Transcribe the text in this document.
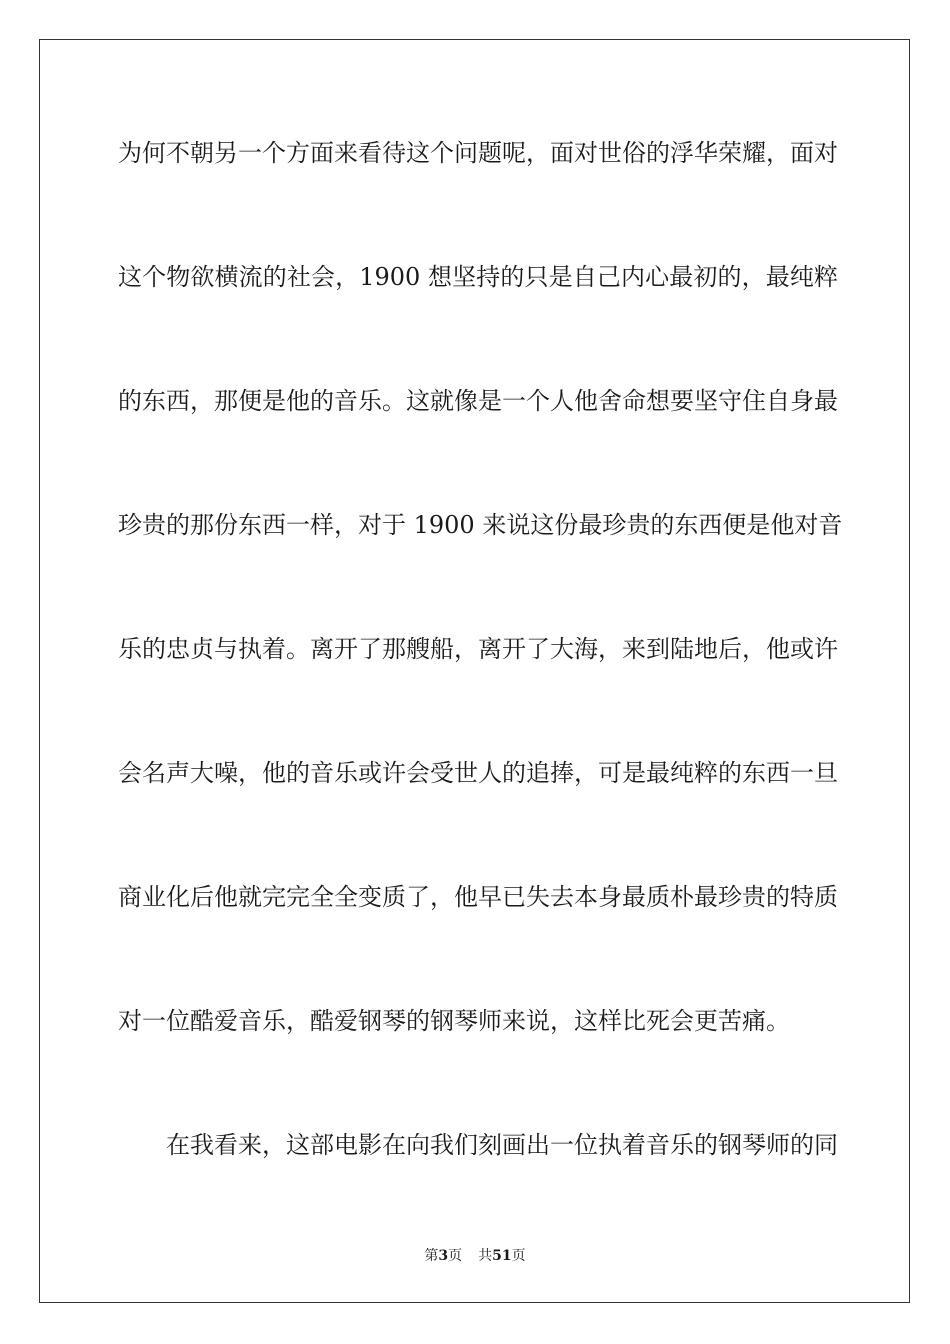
为何不朝另一个方面来看待这个问题呢，面对世俗的浮华荣耀，面对
这个物欲横流的社会，1900 想坚持的只是自己内心最初的，最纯粹
的东西，那便是他的音乐。这就像是一个人他舍命想要坚守住自身最
珍贵的那份东西一样，对于 1900 来说这份最珍贵的东西便是他对音
乐的忠贞与执着。离开了那艘船，离开了大海，来到陆地后，他或许
会名声大噪，他的音乐或许会受世人的追捧，可是最纯粹的东西一旦
商业化后他就完完全全变质了，他早已失去本身最质朴最珍贵的特质
对一位酷爱音乐，酷爱钢琴的钢琴师来说，这样比死会更苦痛。
在我看来，这部电影在向我们刻画出一位执着音乐的钢琴师的同
第3页 共51页
